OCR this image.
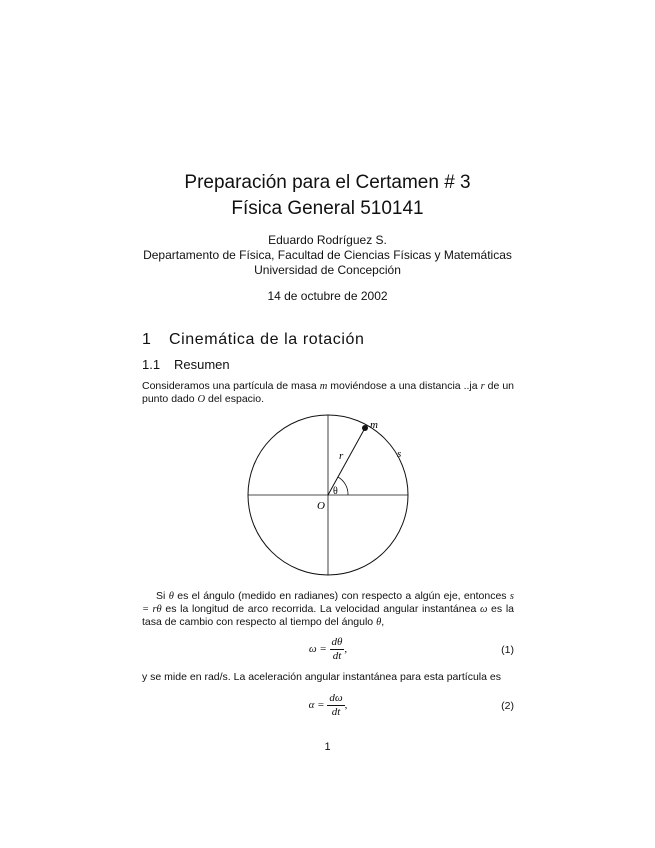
Preparación para el Certamen # 3
Física General 510141
Eduardo Rodríguez S.
Departamento de Física, Facultad de Ciencias Físicas y Matemáticas
Universidad de Concepción
14 de octubre de 2002
1 Cinemática de la rotación
1.1 Resumen

Consideramos una partícula de masa m moviéndose a una distancia ..ja r de un punto dado O del espacio.

m
r	s
θ
O

Si θ es el ángulo (medido en radianes) con respecto a algún eje, entonces s = rθ es la longitud de arco recorrida. La velocidad angular instantánea ω es la tasa de cambio con respecto al tiempo del ángulo θ,

$\omega = \frac{d\theta}{dt}$ ,	(1)

y se mide en rad/s. La aceleración angular instantánea para esta partícula es

$\alpha = \frac{d\omega}{dt}$ ,	(2)
1
